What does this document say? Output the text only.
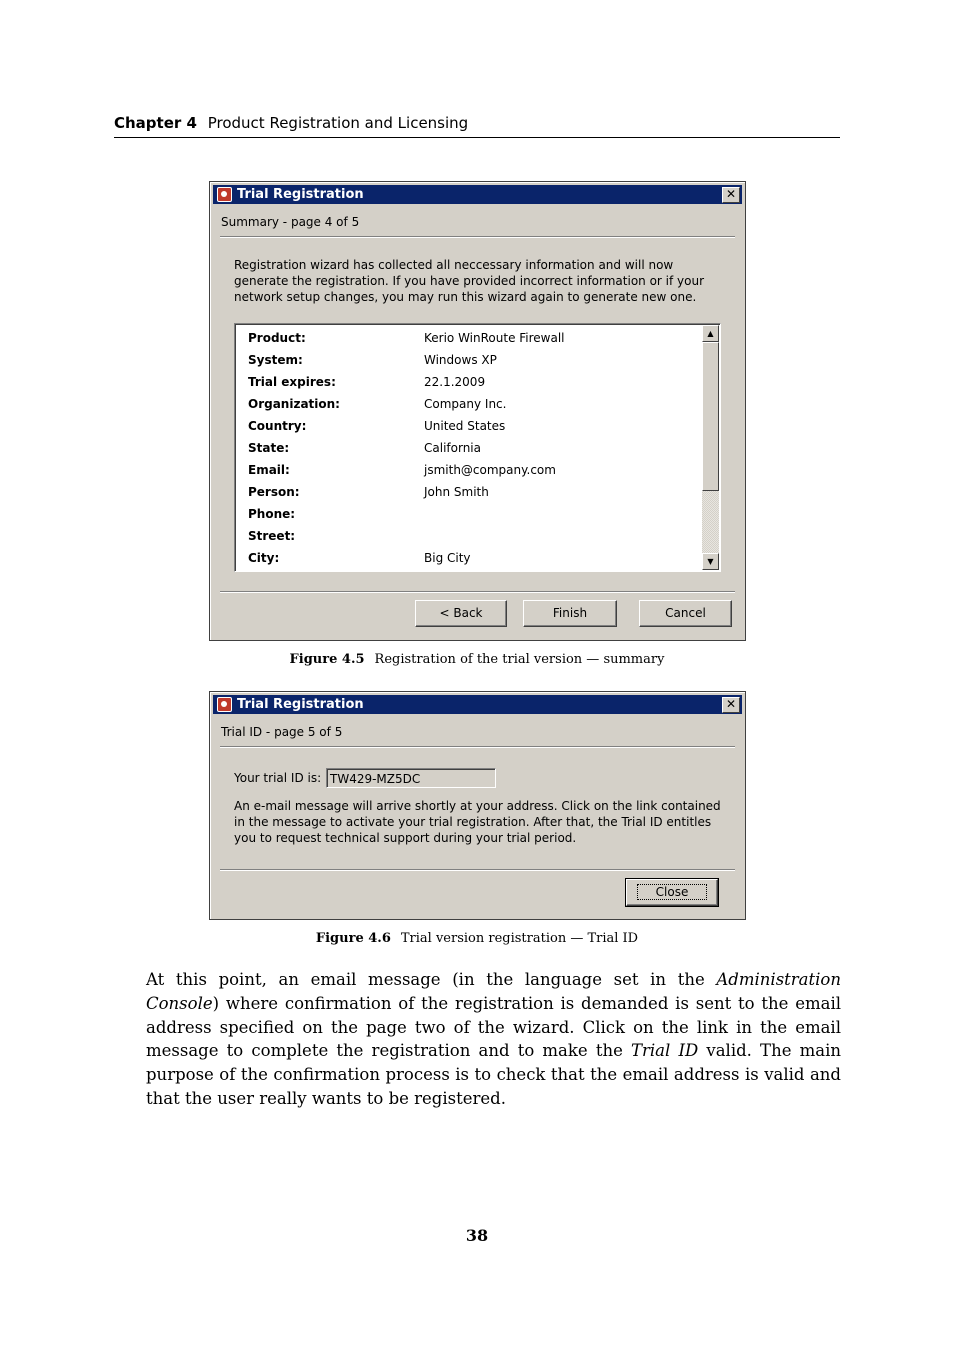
Chapter 4 Product Registration and Licensing
Trial Registration	✕
Summary - page 4 of 5
Registration wizard has collected all neccessary information and will now generate the registration. If you have provided incorrect information or if your network setup changes, you may run this wizard again to generate new one.
Product:	Kerio WinRoute Firewall
System:	Windows XP
Trial expires:	22.1.2009
Organization:	Company Inc.
Country:	United States
State:	California
Email:	jsmith@company.com
Person:	John Smith
Phone:
Street:
City:	Big City
▲
▼
< Back	Finish	Cancel
Figure 4.5 Registration of the trial version — summary
Trial Registration	✕
Trial ID - page 5 of 5
Your trial ID is: TW429-MZ5DC
An e-mail message will arrive shortly at your address. Click on the link contained in the message to activate your trial registration. After that, the Trial ID entitles you to request technical support during your trial period.
Close
Figure 4.6 Trial version registration — Trial ID
At this point, an email message (in the language set in the Administration Console) where confirmation of the registration is demanded is sent to the email address specified on the page two of the wizard. Click on the link in the email message to complete the registration and to make the Trial ID valid. The main purpose of the confirmation process is to check that the email address is valid and that the user really wants to be registered.
38
